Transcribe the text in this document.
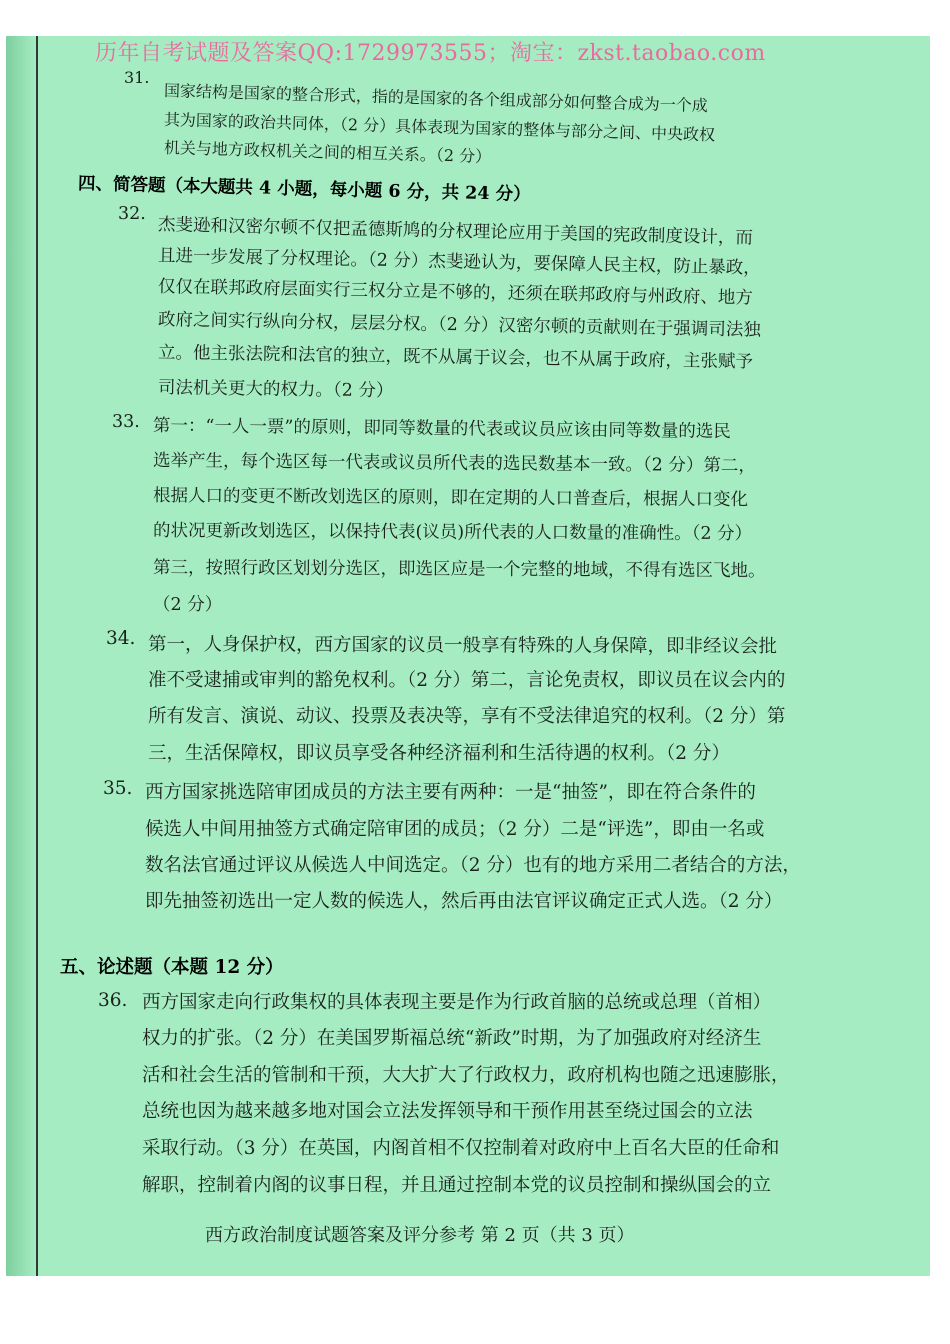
历年自考试题及答案QQ:1729973555；淘宝：zkst.taobao.com

31.
国家结构是国家的整合形式，指的是国家的各个组成部分如何整合成为一个成
其为国家的政治共同体，（2 分）具体表现为国家的整体与部分之间、中央政权
机关与地方政权机关之间的相互关系。（2 分）
四、简答题（本大题共 4 小题，每小题 6 分，共 24 分）
32.
杰斐逊和汉密尔顿不仅把孟德斯鸠的分权理论应用于美国的宪政制度设计，而
且进一步发展了分权理论。（2 分）杰斐逊认为，要保障人民主权，防止暴政，
仅仅在联邦政府层面实行三权分立是不够的，还须在联邦政府与州政府、地方
政府之间实行纵向分权，层层分权。（2 分）汉密尔顿的贡献则在于强调司法独
立。他主张法院和法官的独立，既不从属于议会，也不从属于政府，主张赋予
司法机关更大的权力。（2 分）
33. 第一：“一人一票”的原则，即同等数量的代表或议员应该由同等数量的选民
选举产生，每个选区每一代表或议员所代表的选民数基本一致。（2 分）第二，
根据人口的变更不断改划选区的原则，即在定期的人口普查后，根据人口变化
的状况更新改划选区，以保持代表(议员)所代表的人口数量的准确性。（2 分）
第三，按照行政区划划分选区，即选区应是一个完整的地域，不得有选区飞地。
（2 分）
34. 第一，人身保护权，西方国家的议员一般享有特殊的人身保障，即非经议会批
准不受逮捕或审判的豁免权利。（2 分）第二，言论免责权，即议员在议会内的
所有发言、演说、动议、投票及表决等，享有不受法律追究的权利。（2 分）第
三，生活保障权，即议员享受各种经济福利和生活待遇的权利。（2 分）
35. 西方国家挑选陪审团成员的方法主要有两种：一是“抽签”，即在符合条件的
候选人中间用抽签方式确定陪审团的成员；（2 分）二是“评选”，即由一名或
数名法官通过评议从候选人中间选定。（2 分）也有的地方采用二者结合的方法，
即先抽签初选出一定人数的候选人，然后再由法官评议确定正式人选。（2 分）
五、论述题（本题 12 分）
36. 西方国家走向行政集权的具体表现主要是作为行政首脑的总统或总理（首相）
权力的扩张。（2 分）在美国罗斯福总统“新政”时期，为了加强政府对经济生
活和社会生活的管制和干预，大大扩大了行政权力，政府机构也随之迅速膨胀，
总统也因为越来越多地对国会立法发挥领导和干预作用甚至绕过国会的立法
采取行动。（3 分）在英国，内阁首相不仅控制着对政府中上百名大臣的任命和
解职，控制着内阁的议事日程，并且通过控制本党的议员控制和操纵国会的立
西方政治制度试题答案及评分参考 第 2 页（共 3 页）
